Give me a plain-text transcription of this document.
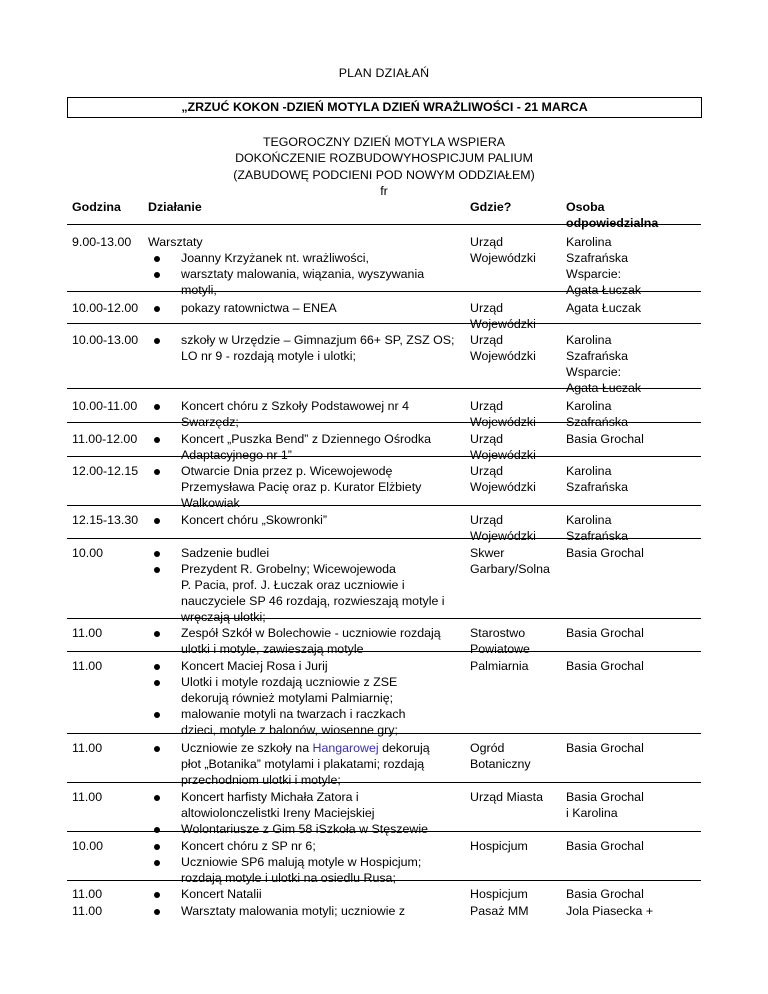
PLAN DZIAŁAŃ
„ZRZUĆ KOKON -DZIEŃ MOTYLA DZIEŃ WRAŻLIWOŚCI - 21 MARCA
TEGOROCZNY DZIEŃ MOTYLA WSPIERA
DOKOŃCZENIE ROZBUDOWYHOSPICJUM PALIUM
(ZABUDOWĘ PODCIENI POD NOWYM ODDZIAŁEM)
fr
Godzina Działanie	Gdzie?	Osoba
odpowiedzialna
9.00-13.00
10.00-12.00
10.00-13.00
10.00-11.00
11.00-12.00
12.00-12.15
12.15-13.30
10.00
11.00
11.00
11.00
11.00
10.00
11.00
11.00
Warsztaty
Joanny Krzyżanek nt. wrażliwości,
warsztaty malowania, wiązania, wyszywania
motyli,
pokazy ratownictwa – ENEA
szkoły w Urzędzie – Gimnazjum 66+ SP, ZSZ OS;
LO nr 9 - rozdają motyle i ulotki;
Koncert chóru z Szkoły Podstawowej nr 4
Swarzędz;
Koncert „Puszka Bend” z Dziennego Ośrodka
Adaptacyjnego nr 1”
Otwarcie Dnia przez p. Wicewojewodę
Przemysława Pacię oraz p. Kurator Elżbiety
Walkowiak
Koncert chóru „Skowronki”
Sadzenie budlei
Prezydent R. Grobelny; Wicewojewoda
P. Pacia, prof. J. Łuczak oraz uczniowie i
nauczyciele SP 46 rozdają, rozwieszają motyle i
wręczają ulotki;
Zespół Szkół w Bolechowie - uczniowie rozdają
ulotki i motyle, zawieszają motyle
Koncert Maciej Rosa i Jurij
Ulotki i motyle rozdają uczniowie z ZSE
dekorują również motylami Palmiarnię;
malowanie motyli na twarzach i raczkach
dzieci, motyle z balonów, wiosenne gry;
Uczniowie ze szkoły na Hangarowej dekorują
płot „Botanika” motylami i plakatami; rozdają
przechodniom ulotki i motyle;
Koncert harfisty Michała Zatora i
altowiolonczelistki Ireny Maciejskiej
Wolontariusze z Gim 58 iSzkoła w Stęszewie
Koncert chóru z SP nr 6;
Uczniowie SP6 malują motyle w Hospicjum;
rozdają motyle i ulotki na osiedlu Rusa;
Koncert Natalii
Warsztaty malowania motyli; uczniowie z
Urząd
Wojewódzki
Urząd
Wojewódzki
Urząd
Wojewódzki
Urząd
Wojewódzki
Urząd
Wojewódzki
Urząd
Wojewódzki
Urząd
Wojewódzki
Skwer
Garbary/Solna
Starostwo
Powiatowe
Palmiarnia
Ogród
Botaniczny
Urząd Miasta
Hospicjum
Hospicjum
Pasaż MM
Karolina
Szafrańska
Wsparcie:
Agata Łuczak
Agata Łuczak
Karolina
Szafrańska
Wsparcie:
Agata Łuczak
Karolina
Szafrańska
Basia Grochal
Karolina
Szafrańska
Karolina
Szafrańska
Basia Grochal
Basia Grochal
Basia Grochal
Basia Grochal
Basia Grochal
i Karolina
Basia Grochal
Basia Grochal
Jola Piasecka +
